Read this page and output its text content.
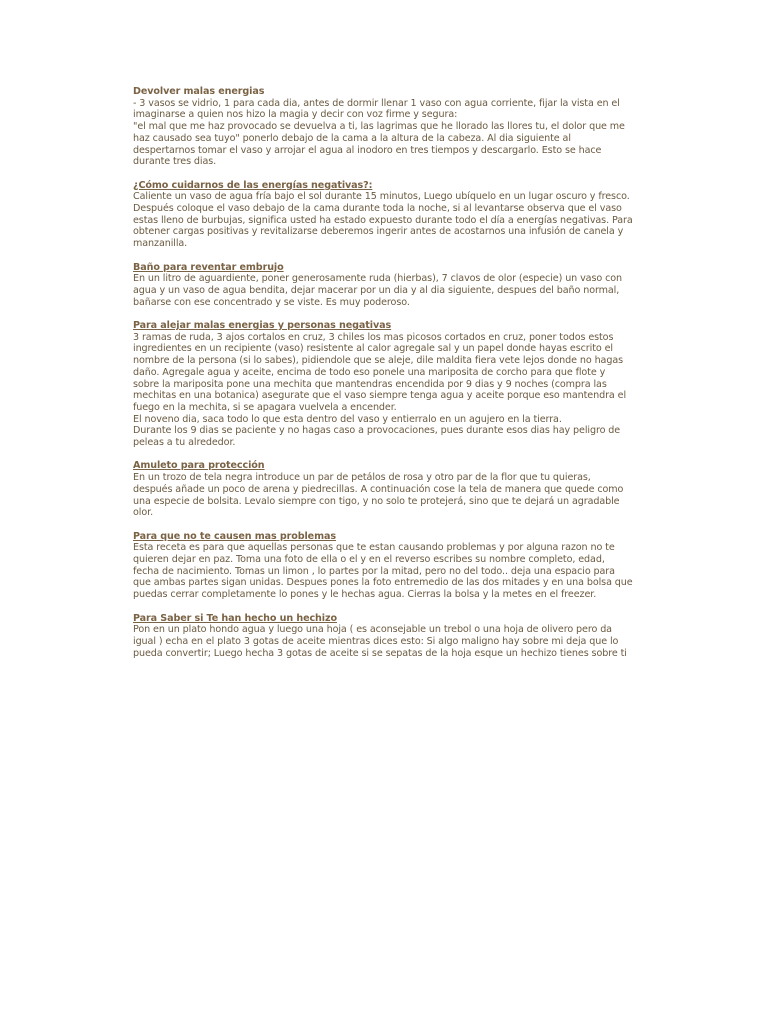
Devolver malas energias
- 3 vasos se vidrio, 1 para cada dia, antes de dormir llenar 1 vaso con agua corriente, fijar la vista en el imaginarse a quien nos hizo la magia y decir con voz firme y segura:
"el mal que me haz provocado se devuelva a ti, las lagrimas que he llorado las llores tu, el dolor que me haz causado sea tuyo" ponerlo debajo de la cama a la altura de la cabeza. Al dia siguiente al despertarnos tomar el vaso y arrojar el agua al inodoro en tres tiempos y descargarlo. Esto se hace durante tres dias.
¿Cómo cuidarnos de las energías negativas?:
Caliente un vaso de agua fría bajo el sol durante 15 minutos, Luego ubíquelo en un lugar oscuro y fresco. Después coloque el vaso debajo de la cama durante toda la noche, si al levantarse observa que el vaso estas lleno de burbujas, significa usted ha estado expuesto durante todo el día a energías negativas. Para obtener cargas positivas y revitalizarse deberemos ingerir antes de acostarnos una infusión de canela y manzanilla.
Baño para reventar embrujo
En un litro de aguardiente, poner generosamente ruda (hierbas), 7 clavos de olor (especie) un vaso con agua y un vaso de agua bendita, dejar macerar por un dia y al dia siguiente, despues del baño normal, bañarse con ese concentrado y se viste. Es muy poderoso.
Para alejar malas energias y personas negativas
3 ramas de ruda, 3 ajos cortalos en cruz, 3 chiles los mas picosos cortados en cruz, poner todos estos ingredientes en un recipiente (vaso) resistente al calor agregale sal y un papel donde hayas escrito el nombre de la persona (si lo sabes), pidiendole que se aleje, dile maldita fiera vete lejos donde no hagas daño. Agregale agua y aceite, encima de todo eso ponele una mariposita de corcho para que flote y sobre la mariposita pone una mechita que mantendras encendida por 9 dias y 9 noches (compra las mechitas en una botanica) asegurate que el vaso siempre tenga agua y aceite porque eso mantendra el fuego en la mechita, si se apagara vuelvela a encender.
El noveno dia, saca todo lo que esta dentro del vaso y entierralo en un agujero en la tierra.
Durante los 9 dias se paciente y no hagas caso a provocaciones, pues durante esos dias hay peligro de peleas a tu alrededor.
Amuleto para protección
En un trozo de tela negra introduce un par de petálos de rosa y otro par de la flor que tu quieras, después añade un poco de arena y piedrecillas. A continuación cose la tela de manera que quede como una especie de bolsita. Levalo siempre con tigo, y no solo te protejerá, sino que te dejará un agradable olor.
Para que no te causen mas problemas
Esta receta es para que aquellas personas que te estan causando problemas y por alguna razon no te quieren dejar en paz. Toma una foto de ella o el y en el reverso escribes su nombre completo, edad, fecha de nacimiento. Tomas un limon , lo partes por la mitad, pero no del todo.. deja una espacio para que ambas partes sigan unidas. Despues pones la foto entremedio de las dos mitades y en una bolsa que puedas cerrar completamente lo pones y le hechas agua. Cierras la bolsa y la metes en el freezer.
Para Saber si Te han hecho un hechizo
Pon en un plato hondo agua y luego una hoja ( es aconsejable un trebol o una hoja de olivero pero da igual ) echa en el plato 3 gotas de aceite mientras dices esto: Si algo maligno hay sobre mi deja que lo pueda convertir; Luego hecha 3 gotas de aceite si se sepatas de la hoja esque un hechizo tienes sobre ti
